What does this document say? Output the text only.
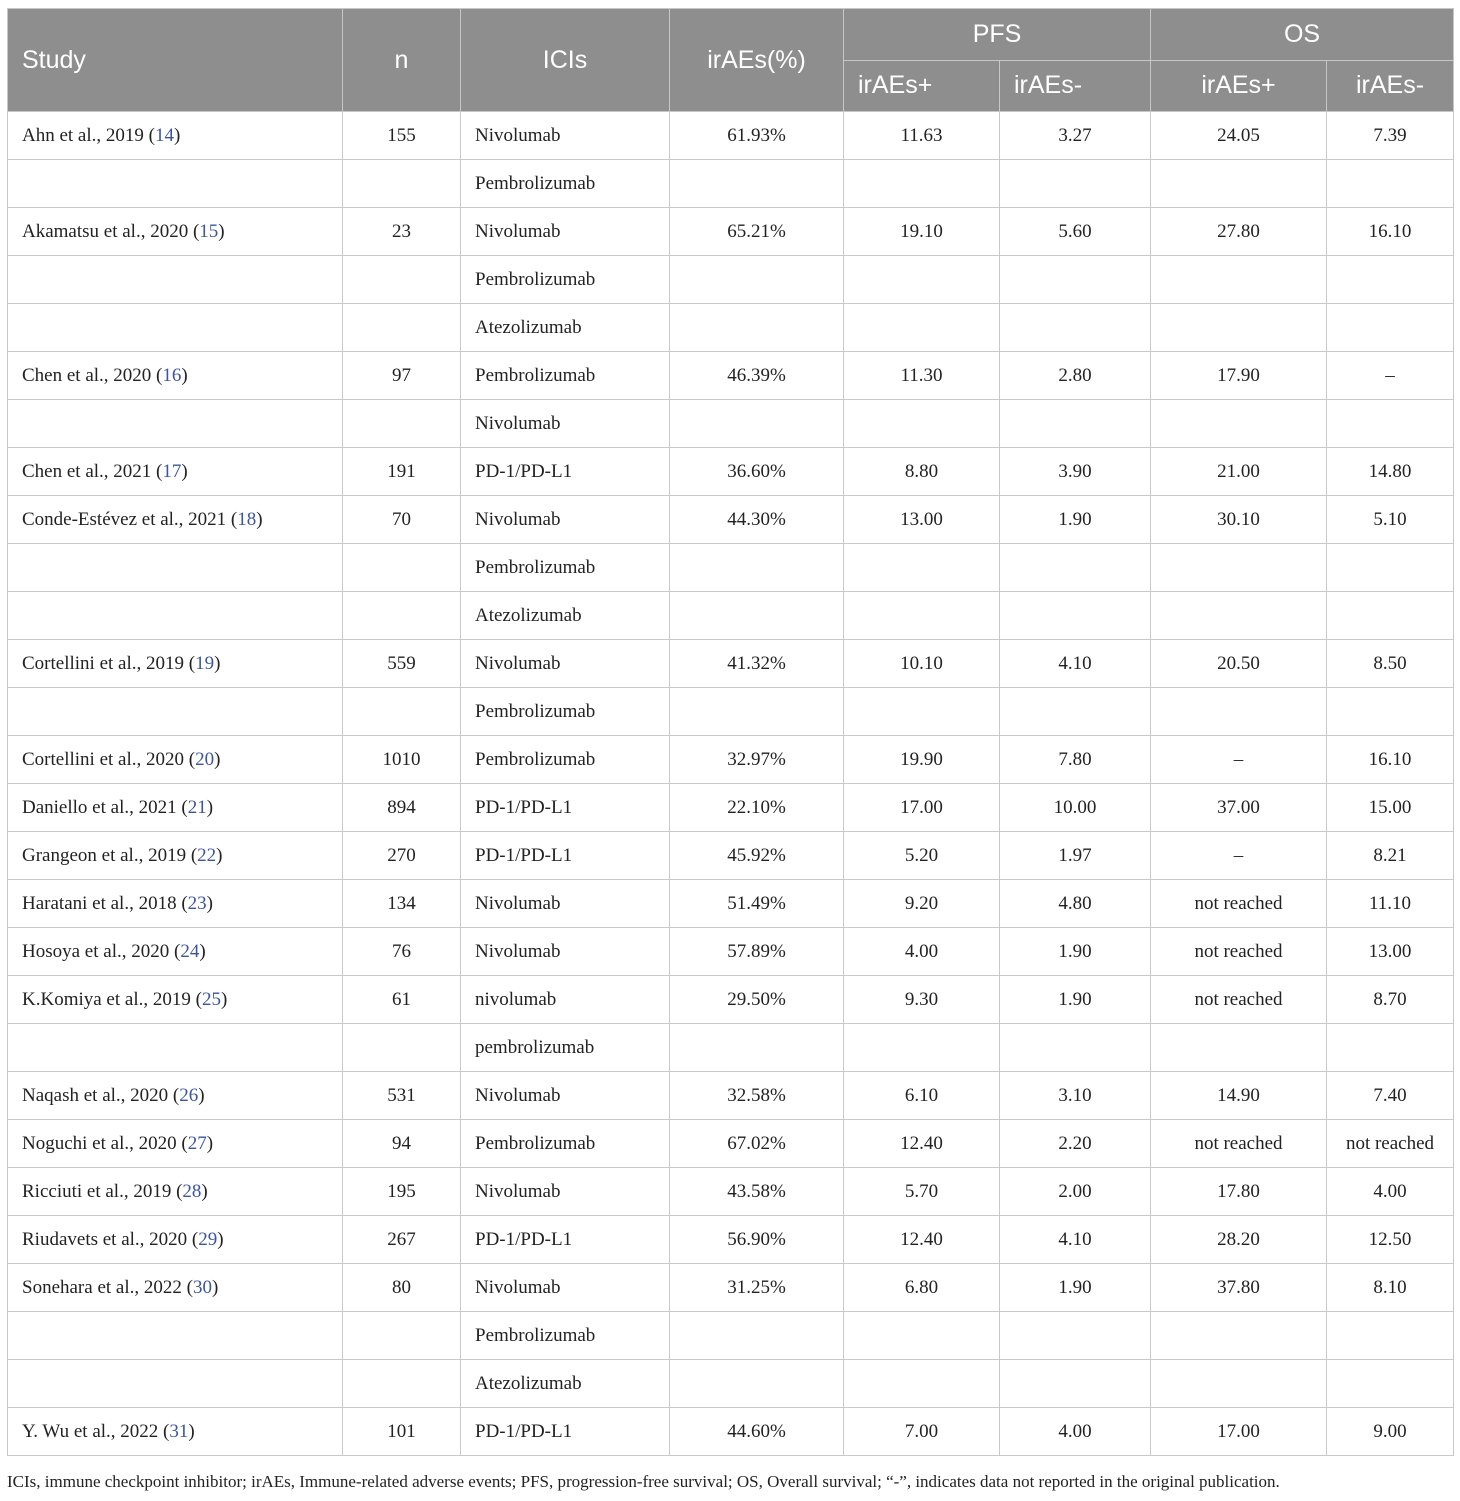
Study	n	ICIs	irAEs(%)	PFS		OS	
				irAEs+	irAEs-	irAEs+	irAEs-
Ahn et al., 2019 (14)	155	Nivolumab	61.93%	11.63	3.27	24.05	7.39
		Pembrolizumab					
Akamatsu et al., 2020 (15)	23	Nivolumab	65.21%	19.10	5.60	27.80	16.10
		Pembrolizumab					
		Atezolizumab					
Chen et al., 2020 (16)	97	Pembrolizumab	46.39%	11.30	2.80	17.90	–
		Nivolumab					
Chen et al., 2021 (17)	191	PD-1/PD-L1	36.60%	8.80	3.90	21.00	14.80
Conde-Estévez et al., 2021 (18)	70	Nivolumab	44.30%	13.00	1.90	30.10	5.10
		Pembrolizumab					
		Atezolizumab					
Cortellini et al., 2019 (19)	559	Nivolumab	41.32%	10.10	4.10	20.50	8.50
		Pembrolizumab					
Cortellini et al., 2020 (20)	1010	Pembrolizumab	32.97%	19.90	7.80	–	16.10
Daniello et al., 2021 (21)	894	PD-1/PD-L1	22.10%	17.00	10.00	37.00	15.00
Grangeon et al., 2019 (22)	270	PD-1/PD-L1	45.92%	5.20	1.97	–	8.21
Haratani et al., 2018 (23)	134	Nivolumab	51.49%	9.20	4.80	not reached	11.10
Hosoya et al., 2020 (24)	76	Nivolumab	57.89%	4.00	1.90	not reached	13.00
K.Komiya et al., 2019 (25)	61	nivolumab	29.50%	9.30	1.90	not reached	8.70
		pembrolizumab					
Naqash et al., 2020 (26)	531	Nivolumab	32.58%	6.10	3.10	14.90	7.40
Noguchi et al., 2020 (27)	94	Pembrolizumab	67.02%	12.40	2.20	not reached	not reached
Ricciuti et al., 2019 (28)	195	Nivolumab	43.58%	5.70	2.00	17.80	4.00
Riudavets et al., 2020 (29)	267	PD-1/PD-L1	56.90%	12.40	4.10	28.20	12.50
Sonehara et al., 2022 (30)	80	Nivolumab	31.25%	6.80	1.90	37.80	8.10
		Pembrolizumab					
		Atezolizumab					
Y. Wu et al., 2022 (31)	101	PD-1/PD-L1	44.60%	7.00	4.00	17.00	9.00
ICIs, immune checkpoint inhibitor; irAEs, Immune-related adverse events; PFS, progression-free survival; OS, Overall survival; “-”, indicates data not reported in the original publication.
